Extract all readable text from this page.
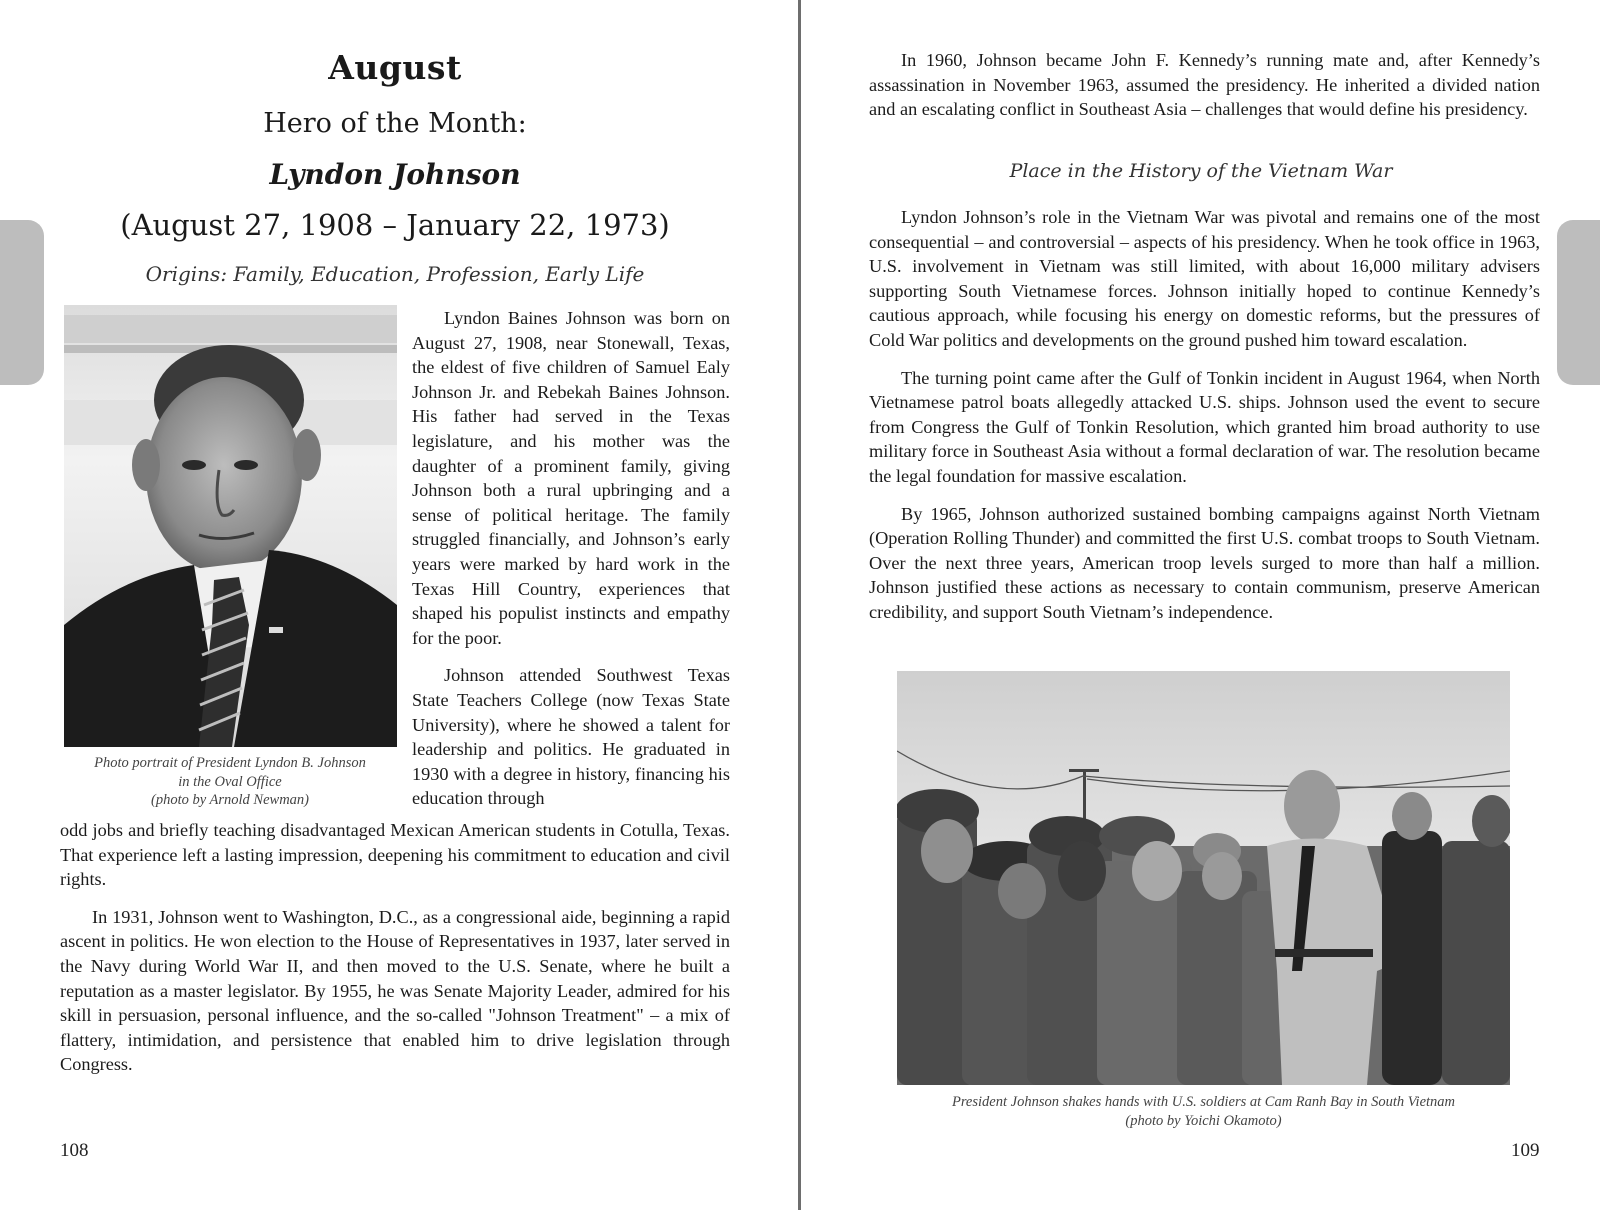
August
Hero of the Month:
Lyndon Johnson
(August 27, 1908 – January 22, 1973)
Origins: Family, Education, Profession, Early Life
Photo portrait of President Lyndon B. Johnson
in the Oval Office
(photo by Arnold Newman)

Lyndon Baines Johnson was born on August 27, 1908, near Stonewall, Texas, the eldest of five children of Samuel Ealy Johnson Jr. and Rebekah Baines Johnson. His father had served in the Texas legislature, and his mother was the daughter of a prominent family, giving Johnson both a rural upbringing and a sense of political heritage. The family struggled financially, and Johnson’s early years were marked by hard work in the Texas Hill Country, experiences that shaped his populist instincts and empathy for the poor.

Johnson attended Southwest Texas State Teachers College (now Texas State University), where he showed a talent for leadership and politics. He graduated in 1930 with a degree in history, financing his education through

odd jobs and briefly teaching disadvantaged Mexican American students in Cotulla, Texas. That experience left a lasting impression, deepening his commitment to education and civil rights.

In 1931, Johnson went to Washington, D.C., as a congressional aide, beginning a rapid ascent in politics. He won election to the House of Representatives in 1937, later served in the Navy during World War II, and then moved to the U.S. Senate, where he built a reputation as a master legislator. By 1955, he was Senate Majority Leader, admired for his skill in persuasion, personal influence, and the so-called "Johnson Treatment" – a mix of flattery, intimidation, and persistence that enabled him to drive legislation through Congress.

108

In 1960, Johnson became John F. Kennedy’s running mate and, after Kennedy’s assassination in November 1963, assumed the presidency. He inherited a divided nation and an escalating conflict in Southeast Asia – challenges that would define his presidency.

Place in the History of the Vietnam War

Lyndon Johnson’s role in the Vietnam War was pivotal and remains one of the most consequential – and controversial – aspects of his presidency. When he took office in 1963, U.S. involvement in Vietnam was still limited, with about 16,000 military advisers supporting South Vietnamese forces. Johnson initially hoped to continue Kennedy’s cautious approach, while focusing his energy on domestic reforms, but the pressures of Cold War politics and developments on the ground pushed him toward escalation.

The turning point came after the Gulf of Tonkin incident in August 1964, when North Vietnamese patrol boats allegedly attacked U.S. ships. Johnson used the event to secure from Congress the Gulf of Tonkin Resolution, which granted him broad authority to use military force in Southeast Asia without a formal declaration of war. The resolution became the legal foundation for massive escalation.

By 1965, Johnson authorized sustained bombing campaigns against North Vietnam (Operation Rolling Thunder) and committed the first U.S. combat troops to South Vietnam. Over the next three years, American troop levels surged to more than half a million. Johnson justified these actions as necessary to contain communism, preserve American credibility, and support South Vietnam’s independence.

President Johnson shakes hands with U.S. soldiers at Cam Ranh Bay in South Vietnam
(photo by Yoichi Okamoto)
109
